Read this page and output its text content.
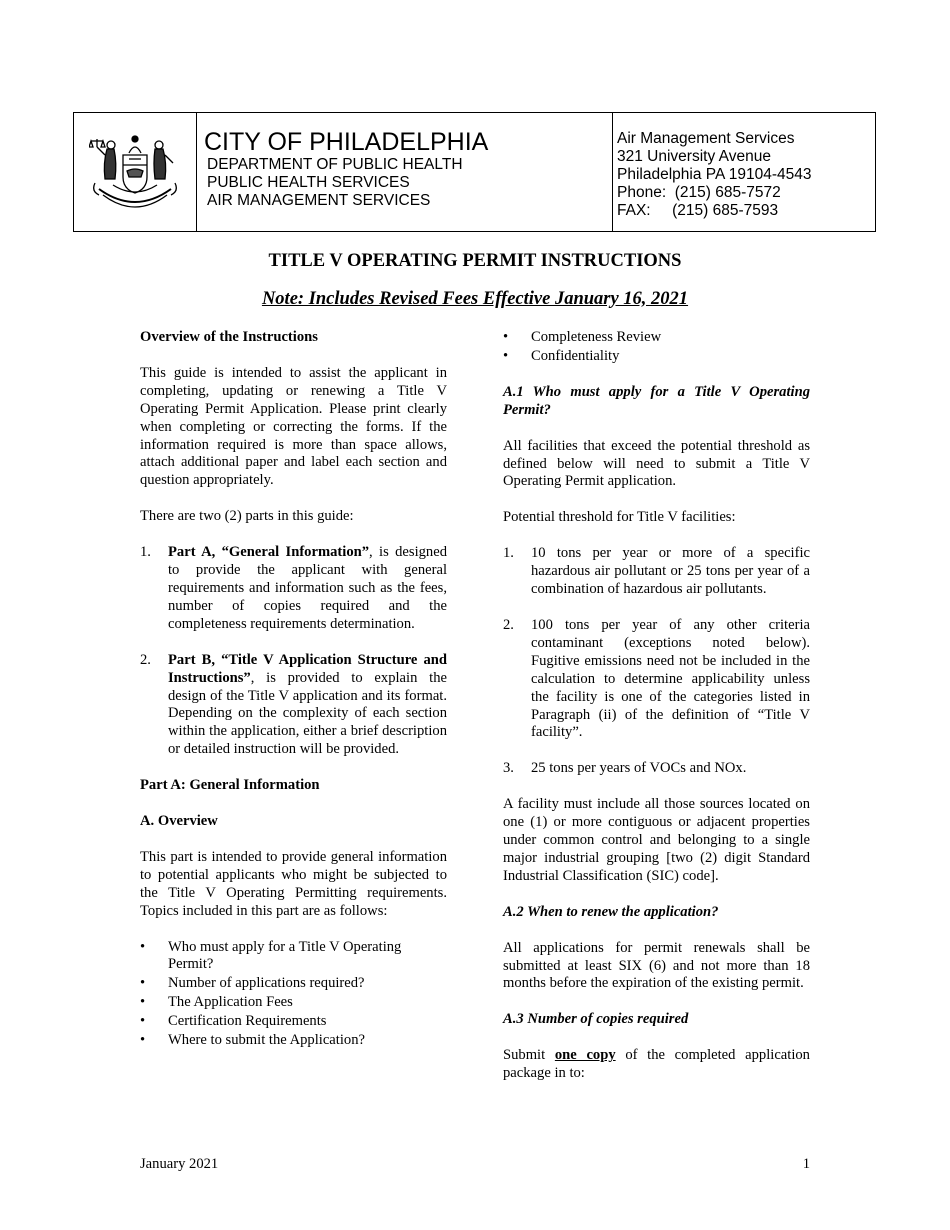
CITY OF PHILADELPHIA
DEPARTMENT OF PUBLIC HEALTH
PUBLIC HEALTH SERVICES
AIR MANAGEMENT SERVICES
Air Management Services
321 University Avenue
Philadelphia PA 19104-4543
Phone:  (215) 685-7572
FAX:     (215) 685-7593
TITLE V OPERATING PERMIT INSTRUCTIONS
Note: Includes Revised Fees Effective January 16, 2021
Overview of the Instructions

This guide is intended to assist the applicant in completing, updating or renewing a Title V Operating Permit Application. Please print clearly when completing or correcting the forms. If the information required is more than space allows, attach additional paper and label each section and question appropriately.

There are two (2) parts in this guide:

1. Part A, “General Information”, is designed to provide the applicant with general requirements and information such as the fees, number of copies required and the completeness requirements determination.
2. Part B, “Title V Application Structure and Instructions”, is provided to explain the design of the Title V application and its format. Depending on the complexity of each section within the application, either a brief description or detailed instruction will be provided.
Part A: General Information
A. Overview

This part is intended to provide general information to potential applicants who might be subjected to the Title V Operating Permitting requirements. Topics included in this part are as follows:

• Who must apply for a Title V Operating Permit?
• Number of applications required?
• The Application Fees
• Certification Requirements
• Where to submit the Application?
• Completeness Review
• Confidentiality
A.1 Who must apply for a Title V Operating Permit?

All facilities that exceed the potential threshold as defined below will need to submit a Title V Operating Permit application.

Potential threshold for Title V facilities:

1. 10 tons per year or more of a specific hazardous air pollutant or 25 tons per year of a combination of hazardous air pollutants.
2. 100 tons per year of any other criteria contaminant (exceptions noted below). Fugitive emissions need not be included in the calculation to determine applicability unless the facility is one of the categories listed in Paragraph (ii) of the definition of “Title V facility”.
3. 25 tons per years of VOCs and NOx.

A facility must include all those sources located on one (1) or more contiguous or adjacent properties under common control and belonging to a single major industrial grouping [two (2) digit Standard Industrial Classification (SIC) code].

A.2 When to renew the application?

All applications for permit renewals shall be submitted at least SIX (6) and not more than 18 months before the expiration of the existing permit.

A.3 Number of copies required

Submit one copy of the completed application package in to:

January 2021	1
